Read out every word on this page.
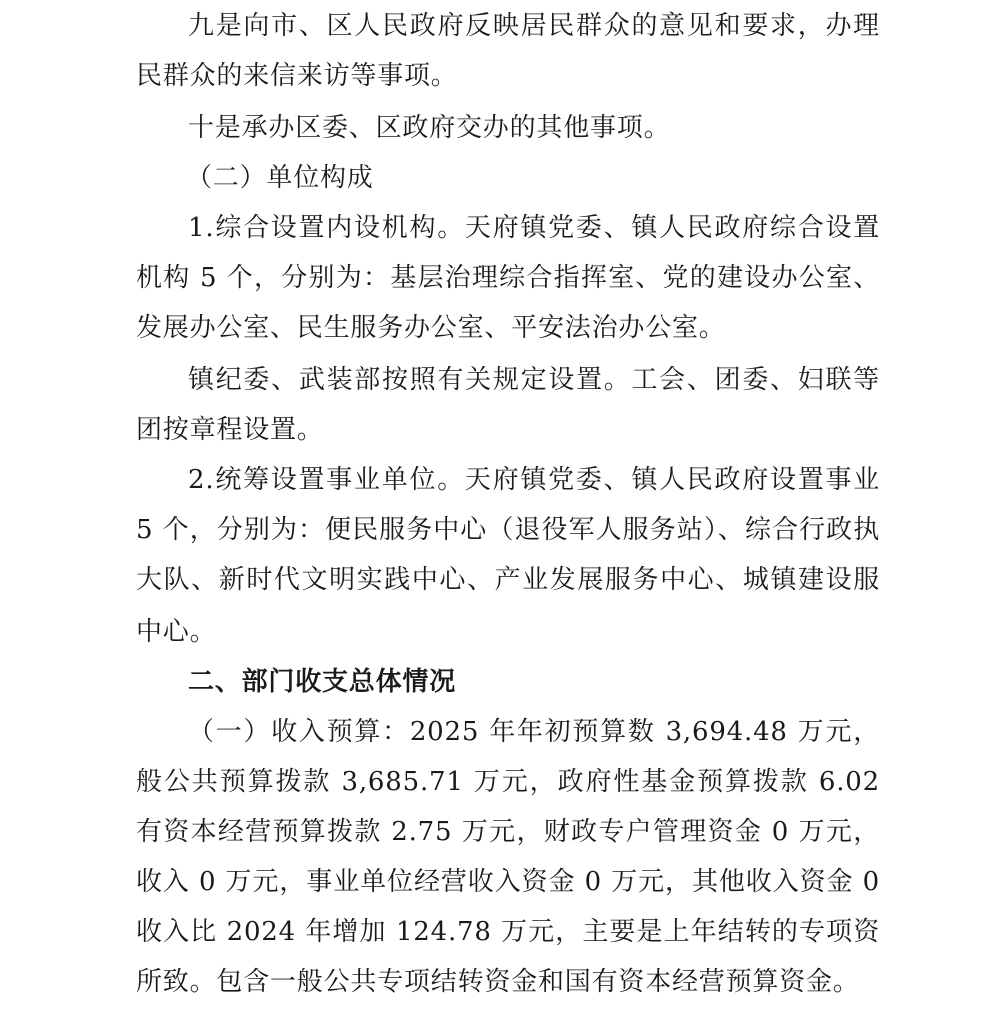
九是向市、区人民政府反映居民群众的意见和要求，办理
民群众的来信来访等事项。
十是承办区委、区政府交办的其他事项。
（二）单位构成
1.综合设置内设机构。天府镇党委、镇人民政府综合设置
机构 5 个，分别为：基层治理综合指挥室、党的建设办公室、
发展办公室、民生服务办公室、平安法治办公室。
镇纪委、武装部按照有关规定设置。工会、团委、妇联等
团按章程设置。
2.统筹设置事业单位。天府镇党委、镇人民政府设置事业
5 个，分别为：便民服务中心（退役军人服务站）、综合行政执
大队、新时代文明实践中心、产业发展服务中心、城镇建设服
中心。
二、部门收支总体情况
（一）收入预算：2025 年年初预算数 3,694.48 万元，
般公共预算拨款 3,685.71 万元，政府性基金预算拨款 6.02
有资本经营预算拨款 2.75 万元，财政专户管理资金 0 万元，
收入 0 万元，事业单位经营收入资金 0 万元，其他收入资金 0
收入比 2024 年增加 124.78 万元，主要是上年结转的专项资
所致。包含一般公共专项结转资金和国有资本经营预算资金。
